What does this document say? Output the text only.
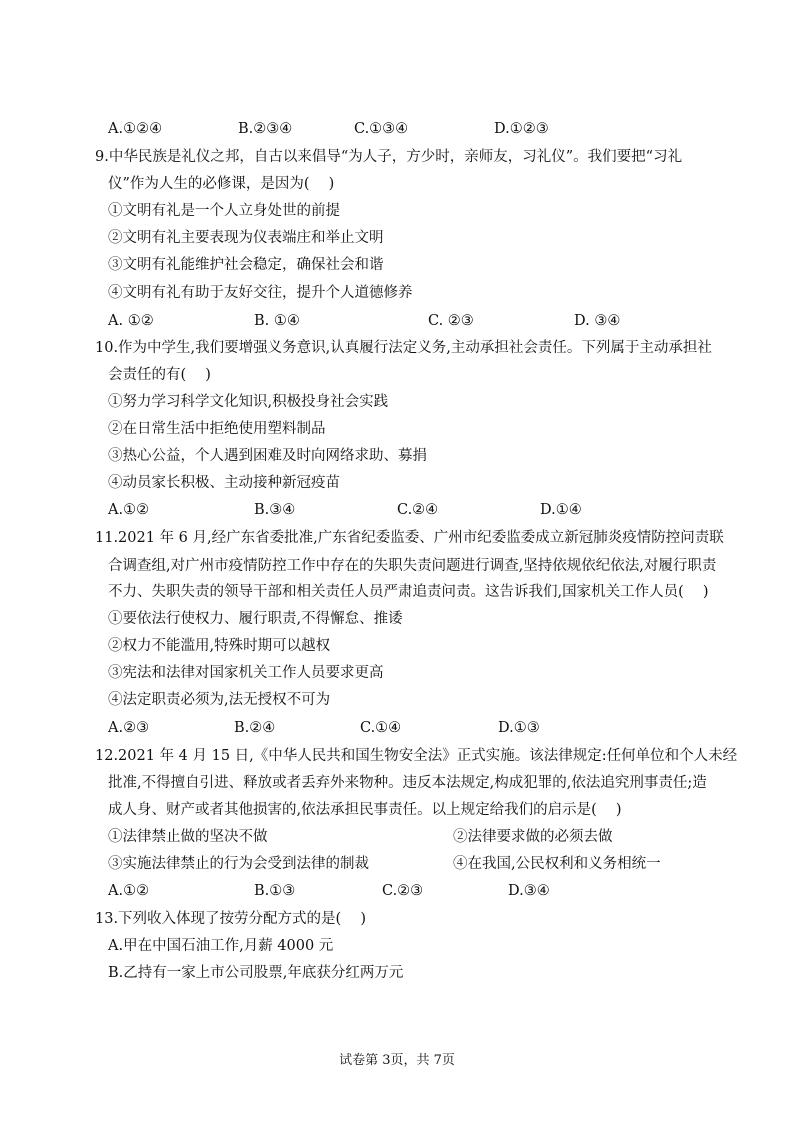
A.①②④	B.②③④	C.①③④	D.①②③
9.中华民族是礼仪之邦，自古以来倡导“为人子，方少时，亲师友，习礼仪”。我们要把“习礼
仪”作为人生的必修课，是因为(　 )
①文明有礼是一个人立身处世的前提
②文明有礼主要表现为仪表端庄和举止文明
③文明有礼能维护社会稳定，确保社会和谐
④文明有礼有助于友好交往，提升个人道德修养
A. ①②	B. ①④	C. ②③	D. ③④
10.作为中学生,我们要增强义务意识,认真履行法定义务,主动承担社会责任。下列属于主动承担社
会责任的有(　 )
①努力学习科学文化知识,积极投身社会实践
②在日常生活中拒绝使用塑料制品
③热心公益，个人遇到困难及时向网络求助、募捐
④动员家长积极、主动接种新冠疫苗
A.①②	B.③④	C.②④	D.①④
11.2021 年 6 月,经广东省委批准,广东省纪委监委、广州市纪委监委成立新冠肺炎疫情防控问责联
合调查组,对广州市疫情防控工作中存在的失职失责问题进行调查,坚持依规依纪依法,对履行职责
不力、失职失责的领导干部和相关责任人员严肃追责问责。这告诉我们,国家机关工作人员(　 )
①要依法行使权力、履行职责,不得懈怠、推诿
②权力不能滥用,特殊时期可以越权
③宪法和法律对国家机关工作人员要求更高
④法定职责必须为,法无授权不可为
A.②③	B.②④	C.①④	D.①③
12.2021 年 4 月 15 日,《中华人民共和国生物安全法》正式实施。该法律规定:任何单位和个人未经
批准,不得擅自引进、释放或者丢弃外来物种。违反本法规定,构成犯罪的,依法追究刑事责任;造
成人身、财产或者其他损害的,依法承担民事责任。以上规定给我们的启示是(　 )
①法律禁止做的坚决不做	②法律要求做的必须去做
③实施法律禁止的行为会受到法律的制裁	④在我国,公民权利和义务相统一
A.①②	B.①③	C.②③	D.③④
13.下列收入体现了按劳分配方式的是(　 )
A.甲在中国石油工作,月薪 4000 元
B.乙持有一家上市公司股票,年底获分红两万元
试卷第 3页，共 7页
